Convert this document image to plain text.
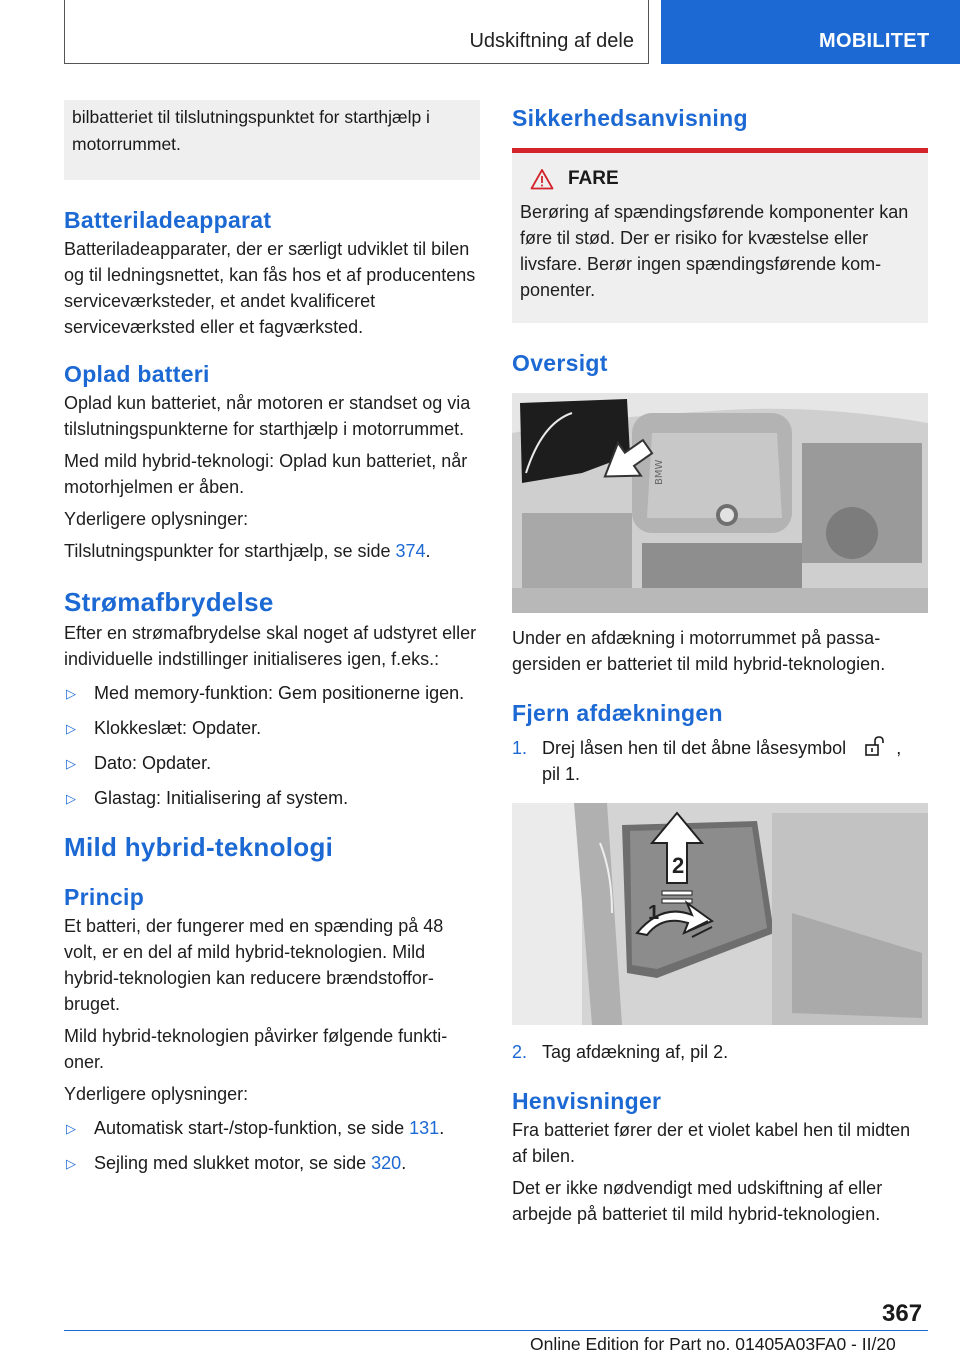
Udskiftning af dele	MOBILITET
bilbatteriet til tilslutningspunktet for starthjælp i motorrummet.
Batteriladeapparat

Batteriladeapparater, der er særligt udviklet til bilen og til ledningsnettet, kan fås hos et af producentens serviceværksteder, et andet kvalificeret serviceværksted eller et fagværksted.

Oplad batteri

Oplad kun batteriet, når motoren er standset og via tilslutningspunkterne for starthjælp i motorrummet.

Med mild hybrid-teknologi: Oplad kun batteriet, når motorhjelmen er åben.

Yderligere oplysninger:

Tilslutningspunkter for starthjælp, se side 374.

Strømafbrydelse

Efter en strømafbrydelse skal noget af udstyret eller individuelle indstillinger initialiseres igen, f.eks.:

▷ Med memory-funktion: Gem positionerne igen.
▷ Klokkeslæt: Opdater.
▷ Dato: Opdater.
▷ Glastag: Initialisering af system.
Mild hybrid-teknologi
Princip

Et batteri, der fungerer med en spænding på 48 volt, er en del af mild hybrid-teknologien. Mild hybrid-teknologien kan reducere brændstofforbruget.

Mild hybrid-teknologien påvirker følgende funktioner.

Yderligere oplysninger:

▷ Automatisk start-/stop-funktion, se side 131.
▷ Sejling med slukket motor, se side 320.
Sikkerhedsanvisning
FARE

Berøring af spændingsførende komponenter kan føre til stød. Der er risiko for kvæstelse eller livsfare. Berør ingen spændingsførende komponenter.

Oversigt
BMW

Under en afdækning i motorrummet på passagersiden er batteriet til mild hybrid-teknologien.

Fjern afdækningen
1. Drej låsen hen til det åbne låsesymbol	,
pil 1.
2
1
2. Tag afdækning af, pil 2.
Henvisninger

Fra batteriet fører der et violet kabel hen til midten af bilen.

Det er ikke nødvendigt med udskiftning af eller arbejde på batteriet til mild hybrid-teknologien.

367
Online Edition for Part no. 01405A03FA0 - II/20
